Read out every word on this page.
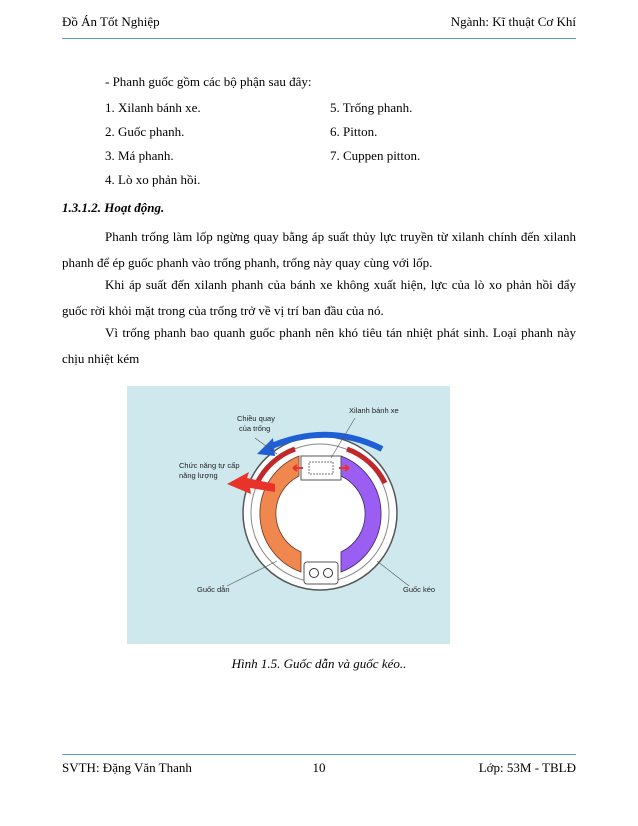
Đồ Án Tốt Nghiệp	Ngành: Kĩ thuật Cơ Khí
- Phanh guốc gồm các bộ phận sau đây:
1. Xilanh bánh xe.
2. Guốc phanh.
3. Má phanh.
4. Lò xo phản hồi.
5. Trống phanh.
6. Pitton.
7. Cuppen pitton.
1.3.1.2. Hoạt động.
Phanh trống làm lốp ngừng quay bằng áp suất thủy lực truyền từ xilanh chính đến xilanh phanh để ép guốc phanh vào trống phanh, trống này quay cùng với lốp.
Khi áp suất đến xilanh phanh của bánh xe không xuất hiện, lực của lò xo phản hồi đẩy guốc rời khỏi mặt trong của trống trở về vị trí ban đầu của nó.
Vì trống phanh bao quanh guốc phanh nên khó tiêu tán nhiệt phát sinh. Loại phanh này chịu nhiệt kém
Chiều quay
của trống
Xilanh bánh xe
Chức năng tự cấp
năng lượng
Guốc dẫn	Guốc kéo
Hình 1.5. Guốc dẫn và guốc kéo..
SVTH: Đặng Văn Thanh	10	Lớp: 53M - TBLĐ
